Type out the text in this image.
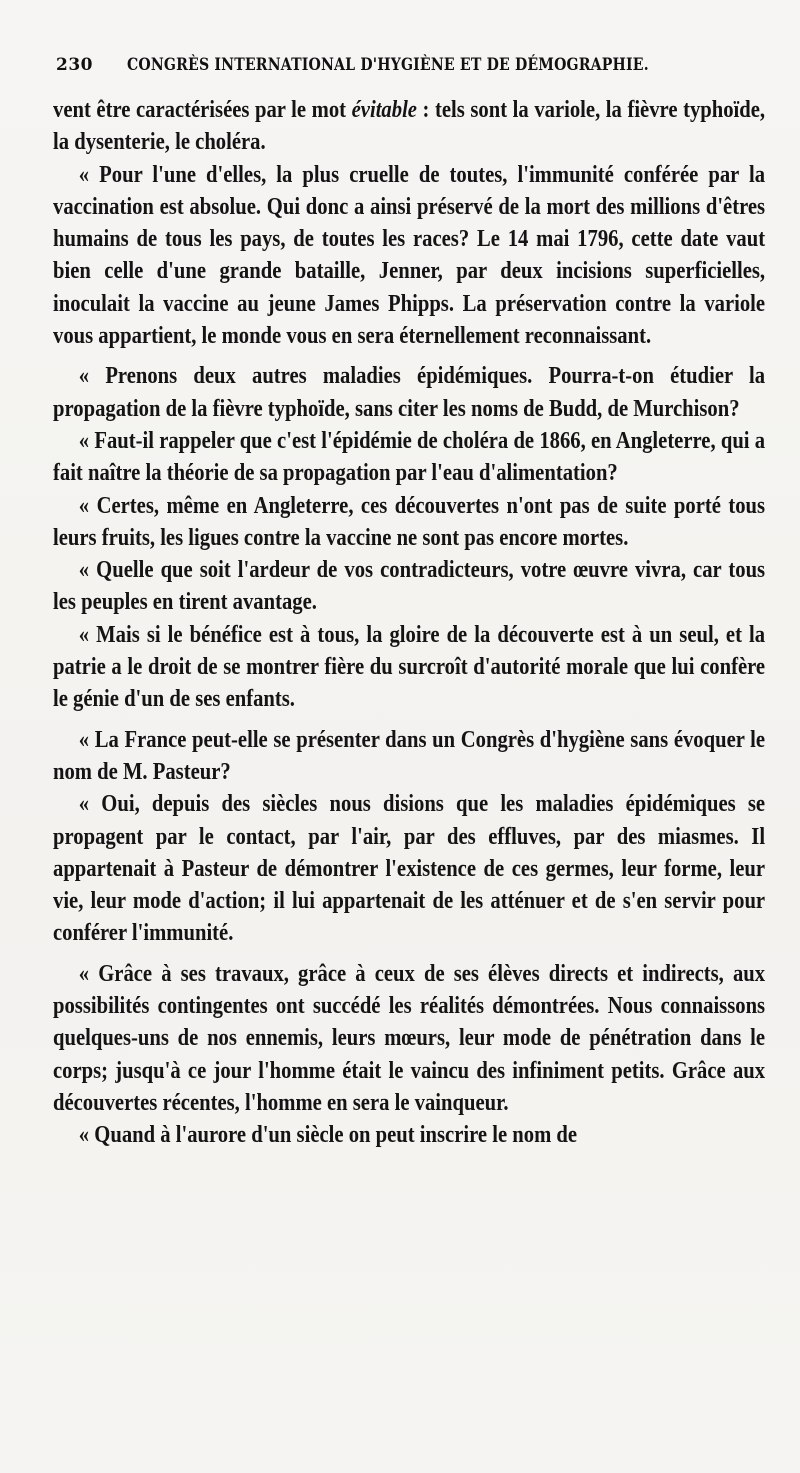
230 CONGRÈS INTERNATIONAL D'HYGIÈNE ET DE DÉMOGRAPHIE.

vent être caractérisées par le mot évitable : tels sont la variole, la fièvre typhoïde, la dysenterie, le choléra.

« Pour l'une d'elles, la plus cruelle de toutes, l'immunité conférée par la vaccination est absolue. Qui donc a ainsi préservé de la mort des millions d'êtres humains de tous les pays, de toutes les races? Le 14 mai 1796, cette date vaut bien celle d'une grande bataille, Jenner, par deux incisions superficielles, inoculait la vaccine au jeune James Phipps. La préservation contre la variole vous appartient, le monde vous en sera éternellement reconnaissant.

« Prenons deux autres maladies épidémiques. Pourra-t-on étudier la propagation de la fièvre typhoïde, sans citer les noms de Budd, de Murchison?

« Faut-il rappeler que c'est l'épidémie de choléra de 1866, en Angleterre, qui a fait naître la théorie de sa propagation par l'eau d'alimentation?

« Certes, même en Angleterre, ces découvertes n'ont pas de suite porté tous leurs fruits, les ligues contre la vaccine ne sont pas encore mortes.

« Quelle que soit l'ardeur de vos contradicteurs, votre œuvre vivra, car tous les peuples en tirent avantage.

« Mais si le bénéfice est à tous, la gloire de la découverte est à un seul, et la patrie a le droit de se montrer fière du surcroît d'autorité morale que lui confère le génie d'un de ses enfants.

« La France peut-elle se présenter dans un Congrès d'hygiène sans évoquer le nom de M. Pasteur?

« Oui, depuis des siècles nous disions que les maladies épidémiques se propagent par le contact, par l'air, par des effluves, par des miasmes. Il appartenait à Pasteur de démontrer l'existence de ces germes, leur forme, leur vie, leur mode d'action; il lui appartenait de les atténuer et de s'en servir pour conférer l'immunité.

« Grâce à ses travaux, grâce à ceux de ses élèves directs et indirects, aux possibilités contingentes ont succédé les réalités démontrées. Nous connaissons quelques-uns de nos ennemis, leurs mœurs, leur mode de pénétration dans le corps; jusqu'à ce jour l'homme était le vaincu des infiniment petits. Grâce aux découvertes récentes, l'homme en sera le vainqueur.

« Quand à l'aurore d'un siècle on peut inscrire le nom de
